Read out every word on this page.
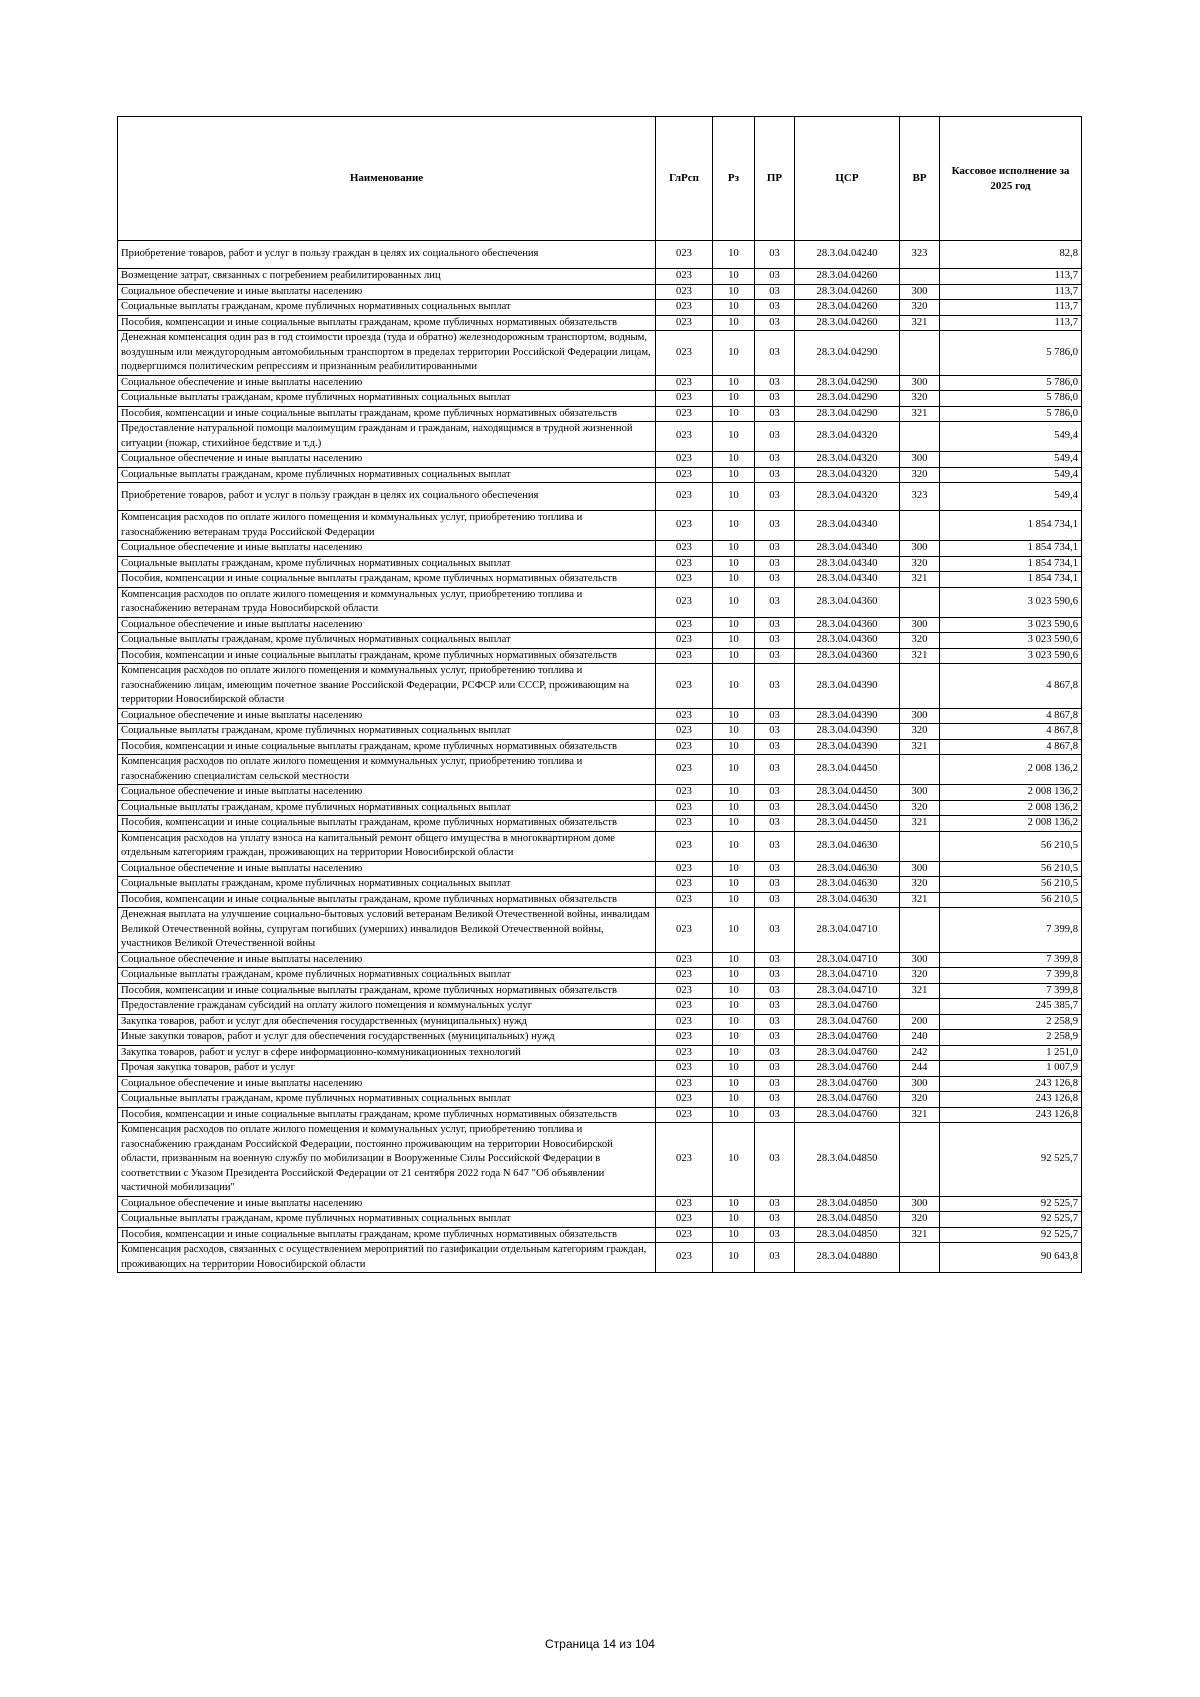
Наименование	ГлРсп	Рз	ПР	ЦСР	ВР	Кассовое исполнение за 2025 год
Приобретение товаров, работ и услуг в пользу граждан в целях их социального обеспечения	023	10	03	28.3.04.04240	323	82,8
Возмещение затрат, связанных с погребением реабилитированных лиц	023	10	03	28.3.04.04260		113,7
Социальное обеспечение и иные выплаты населению	023	10	03	28.3.04.04260	300	113,7
Социальные выплаты гражданам, кроме публичных нормативных социальных выплат	023	10	03	28.3.04.04260	320	113,7
Пособия, компенсации и иные социальные выплаты гражданам, кроме публичных нормативных обязательств	023	10	03	28.3.04.04260	321	113,7
Денежная компенсация один раз в год стоимости проезда (туда и обратно) железнодорожным транспортом, водным, воздушным или междугородным автомобильным транспортом в пределах территории Российской Федерации лицам, подвергшимся политическим репрессиям и признанным реабилитированными	023	10	03	28.3.04.04290		5 786,0
Социальное обеспечение и иные выплаты населению	023	10	03	28.3.04.04290	300	5 786,0
Социальные выплаты гражданам, кроме публичных нормативных социальных выплат	023	10	03	28.3.04.04290	320	5 786,0
Пособия, компенсации и иные социальные выплаты гражданам, кроме публичных нормативных обязательств	023	10	03	28.3.04.04290	321	5 786,0
Предоставление натуральной помощи малоимущим гражданам и гражданам, находящимся в трудной жизненной ситуации (пожар, стихийное бедствие и т.д.)	023	10	03	28.3.04.04320		549,4
Социальное обеспечение и иные выплаты населению	023	10	03	28.3.04.04320	300	549,4
Социальные выплаты гражданам, кроме публичных нормативных социальных выплат	023	10	03	28.3.04.04320	320	549,4
Приобретение товаров, работ и услуг в пользу граждан в целях их социального обеспечения	023	10	03	28.3.04.04320	323	549,4
Компенсация расходов по оплате жилого помещения и коммунальных услуг, приобретению топлива и газоснабжению ветеранам труда Российской Федерации	023	10	03	28.3.04.04340		1 854 734,1
Социальное обеспечение и иные выплаты населению	023	10	03	28.3.04.04340	300	1 854 734,1
Социальные выплаты гражданам, кроме публичных нормативных социальных выплат	023	10	03	28.3.04.04340	320	1 854 734,1
Пособия, компенсации и иные социальные выплаты гражданам, кроме публичных нормативных обязательств	023	10	03	28.3.04.04340	321	1 854 734,1
Компенсация расходов по оплате жилого помещения и коммунальных услуг, приобретению топлива и газоснабжению ветеранам труда Новосибирской области	023	10	03	28.3.04.04360		3 023 590,6
Социальное обеспечение и иные выплаты населению	023	10	03	28.3.04.04360	300	3 023 590,6
Социальные выплаты гражданам, кроме публичных нормативных социальных выплат	023	10	03	28.3.04.04360	320	3 023 590,6
Пособия, компенсации и иные социальные выплаты гражданам, кроме публичных нормативных обязательств	023	10	03	28.3.04.04360	321	3 023 590,6
Компенсация расходов по оплате жилого помещения и коммунальных услуг, приобретению топлива и газоснабжению лицам, имеющим почетное звание Российской Федерации, РСФСР или СССР, проживающим на территории Новосибирской области	023	10	03	28.3.04.04390		4 867,8
Социальное обеспечение и иные выплаты населению	023	10	03	28.3.04.04390	300	4 867,8
Социальные выплаты гражданам, кроме публичных нормативных социальных выплат	023	10	03	28.3.04.04390	320	4 867,8
Пособия, компенсации и иные социальные выплаты гражданам, кроме публичных нормативных обязательств	023	10	03	28.3.04.04390	321	4 867,8
Компенсация расходов по оплате жилого помещения и коммунальных услуг, приобретению топлива и газоснабжению специалистам сельской местности	023	10	03	28.3.04.04450		2 008 136,2
Социальное обеспечение и иные выплаты населению	023	10	03	28.3.04.04450	300	2 008 136,2
Социальные выплаты гражданам, кроме публичных нормативных социальных выплат	023	10	03	28.3.04.04450	320	2 008 136,2
Пособия, компенсации и иные социальные выплаты гражданам, кроме публичных нормативных обязательств	023	10	03	28.3.04.04450	321	2 008 136,2
Компенсация расходов на уплату взноса на капитальный ремонт общего имущества в многоквартирном доме отдельным категориям граждан, проживающих на территории Новосибирской области	023	10	03	28.3.04.04630		56 210,5
Социальное обеспечение и иные выплаты населению	023	10	03	28.3.04.04630	300	56 210,5
Социальные выплаты гражданам, кроме публичных нормативных социальных выплат	023	10	03	28.3.04.04630	320	56 210,5
Пособия, компенсации и иные социальные выплаты гражданам, кроме публичных нормативных обязательств	023	10	03	28.3.04.04630	321	56 210,5
Денежная выплата на улучшение социально-бытовых условий ветеранам Великой Отечественной войны, инвалидам Великой Отечественной войны, супругам погибших (умерших) инвалидов Великой Отечественной войны, участников Великой Отечественной войны	023	10	03	28.3.04.04710		7 399,8
Социальное обеспечение и иные выплаты населению	023	10	03	28.3.04.04710	300	7 399,8
Социальные выплаты гражданам, кроме публичных нормативных социальных выплат	023	10	03	28.3.04.04710	320	7 399,8
Пособия, компенсации и иные социальные выплаты гражданам, кроме публичных нормативных обязательств	023	10	03	28.3.04.04710	321	7 399,8
Предоставление гражданам субсидий на оплату жилого помещения и коммунальных услуг	023	10	03	28.3.04.04760		245 385,7
Закупка товаров, работ и услуг для обеспечения государственных (муниципальных) нужд	023	10	03	28.3.04.04760	200	2 258,9
Иные закупки товаров, работ и услуг для обеспечения государственных (муниципальных) нужд	023	10	03	28.3.04.04760	240	2 258,9
Закупка товаров, работ и услуг в сфере информационно-коммуникационных технологий	023	10	03	28.3.04.04760	242	1 251,0
Прочая закупка товаров, работ и услуг	023	10	03	28.3.04.04760	244	1 007,9
Социальное обеспечение и иные выплаты населению	023	10	03	28.3.04.04760	300	243 126,8
Социальные выплаты гражданам, кроме публичных нормативных социальных выплат	023	10	03	28.3.04.04760	320	243 126,8
Пособия, компенсации и иные социальные выплаты гражданам, кроме публичных нормативных обязательств	023	10	03	28.3.04.04760	321	243 126,8
Компенсация расходов по оплате жилого помещения и коммунальных услуг, приобретению топлива и газоснабжению гражданам Российской Федерации, постоянно проживающим на территории Новосибирской области, призванным на военную службу по мобилизации в Вооруженные Силы Российской Федерации в соответствии с Указом Президента Российской Федерации от 21 сентября 2022 года N 647 "Об объявлении частичной мобилизации"	023	10	03	28.3.04.04850		92 525,7
Социальное обеспечение и иные выплаты населению	023	10	03	28.3.04.04850	300	92 525,7
Социальные выплаты гражданам, кроме публичных нормативных социальных выплат	023	10	03	28.3.04.04850	320	92 525,7
Пособия, компенсации и иные социальные выплаты гражданам, кроме публичных нормативных обязательств	023	10	03	28.3.04.04850	321	92 525,7
Компенсация расходов, связанных с осуществлением мероприятий по газификации отдельным категориям граждан, проживающих на территории Новосибирской области	023	10	03	28.3.04.04880		90 643,8
Страница 14 из 104
